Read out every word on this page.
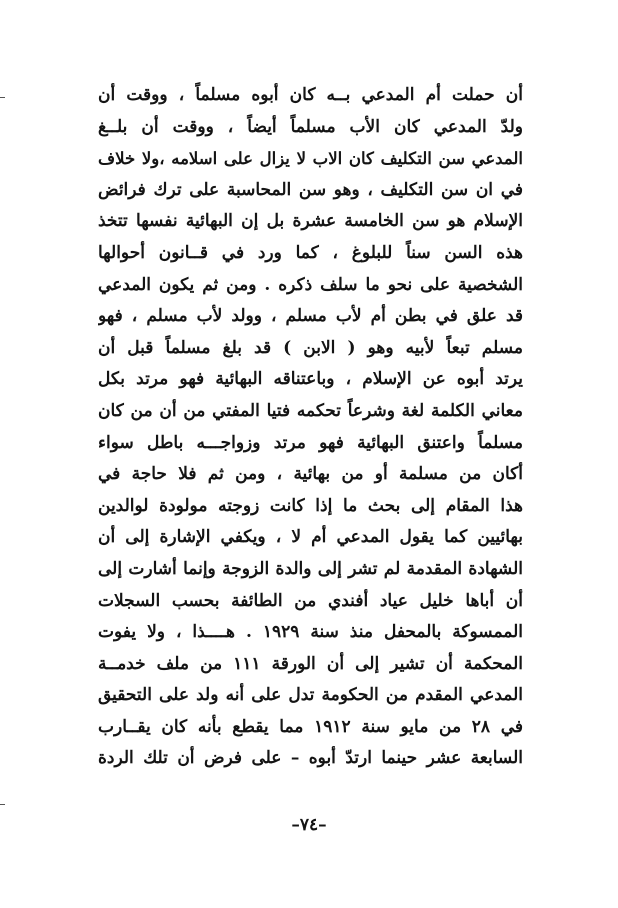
أن حملت أم المدعي بــه كان أبوه مسلماً ، ووقت أن
ولدّ المدعي كان الأب مسلماً أيضاً ، ووقت أن بلــغ
المدعي سن التكليف كان الاب لا يزال على اسلامه ،ولا خلاف
في ان سن التكليف ، وهو سن المحاسبة على ترك فرائض
الإسلام هو سن الخامسة عشرة بل إن البهائية نفسها تتخذ
هذه السن سناً للبلوغ ، كما ورد في قــانون أحوالها
الشخصية على نحو ما سلف ذكره . ومن ثم يكون المدعي
قد علق في بطن أم لأب مسلم ، وولد لأب مسلم ، فهو
مسلم تبعاً لأبيه وهو ( الابن ) قد بلغ مسلماً قبل أن
يرتد أبوه عن الإسلام ، وباعتناقه البهائية فهو مرتد بكل
معاني الكلمة لغة وشرعاً تحكمه فتيا المفتي من أن من كان
مسلماً واعتنق البهائية فهو مرتد وزواجـــه باطل سواء
أكان من مسلمة أو من بهائية ، ومن ثم فلا حاجة في
هذا المقام إلى بحث ما إذا كانت زوجته مولودة لوالدين
بهائيين كما يقول المدعي أم لا ، ويكفي الإشارة إلى أن
الشهادة المقدمة لم تشر إلى والدة الزوجة وإنما أشارت إلى
أن أباها خليل عياد أفندي من الطائفة بحسب السجلات
الممسوكة بالمحفل منذ سنة ١٩٢٩ . هــــذا ، ولا يفوت
المحكمة أن تشير إلى أن الورقة ١١١ من ملف خدمــة
المدعي المقدم من الحكومة تدل على أنه ولد على التحقيق
في ٢٨ من مايو سنة ١٩١٢ مما يقطع بأنه كان يقــارب
السابعة عشر حينما ارتدّ أبوه – على فرض أن تلك الردة
–٧٤–
